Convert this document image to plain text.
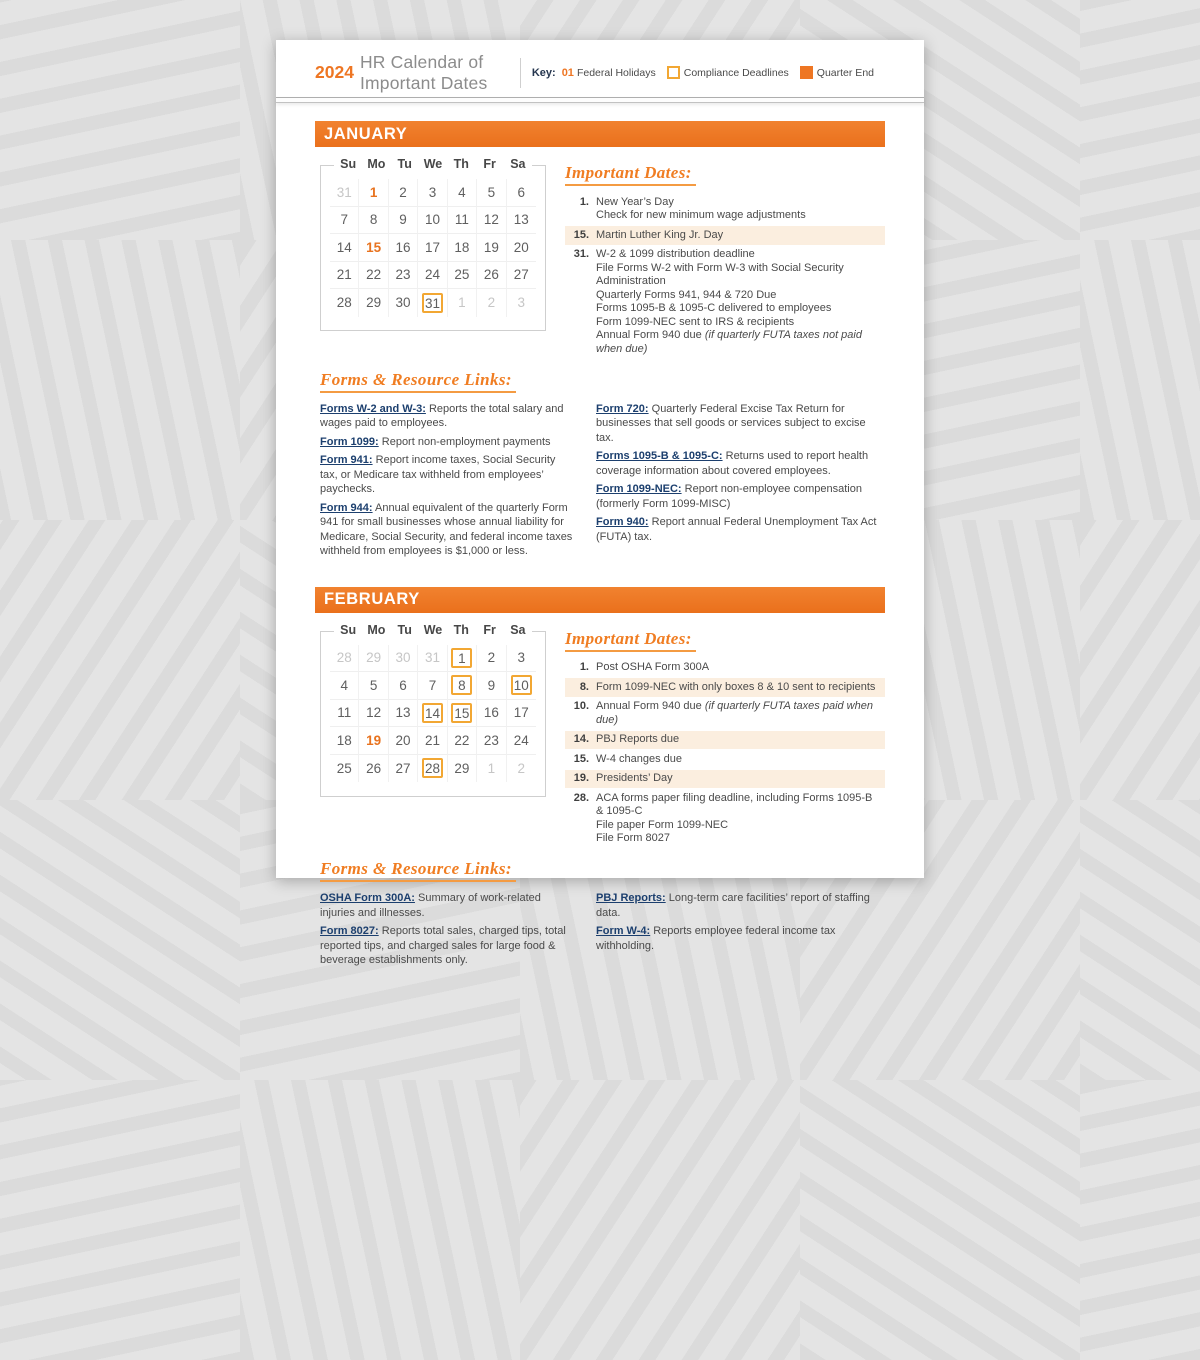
2024
HR Calendar of Important Dates	Key: 01 Federal Holidays	Compliance Deadlines	Quarter End
JANUARY
Su Mo Tu We Th	Fr	Sa
31	1	2	3	4	5	6
7	8	9	10	11	12	13
14	15	16	17	18	19	20
21	22	23	24	25	26	27
28	29	30	31	1	2	3
Important Dates:
1. New Year’s Day
Check for new minimum wage adjustments
15. Martin Luther King Jr. Day
31. W-2 & 1099 distribution deadline
File Forms W-2 with Form W-3 with Social Security Administration
Quarterly Forms 941, 944 & 720 Due
Forms 1095-B & 1095-C delivered to employees
Form 1099-NEC sent to IRS & recipients
Annual Form 940 due (if quarterly FUTA taxes not paid when due)
Forms & Resource Links:

Forms W-2 and W-3: Reports the total salary and wages paid to employees.

Form 1099: Report non-employment payments

Form 941: Report income taxes, Social Security tax, or Medicare tax withheld from employees’ paychecks.

Form 944: Annual equivalent of the quarterly Form 941 for small businesses whose annual liability for Medicare, Social Security, and federal income taxes withheld from employees is $1,000 or less.

Form 720: Quarterly Federal Excise Tax Return for businesses that sell goods or services subject to excise tax.

Forms 1095-B & 1095-C: Returns used to report health coverage information about covered employees.

Form 1099-NEC: Report non-employee compensation (formerly Form 1099-MISC)

Form 940: Report annual Federal Unemployment Tax Act (FUTA) tax.

FEBRUARY
Su Mo Tu We Th	Fr	Sa
28	29	30	31	1	2	3
4	5	6	7	8	9	10
11	12	13	14 15	16	17
18	19	20	21	22	23	24
25	26	27	28	29	1	2
Important Dates:
1. Post OSHA Form 300A
8. Form 1099-NEC with only boxes 8 & 10 sent to recipients
10. Annual Form 940 due (if quarterly FUTA taxes paid when due)
14. PBJ Reports due
15. W-4 changes due
19. Presidents’ Day
28. ACA forms paper filing deadline, including Forms 1095-B & 1095-C
File paper Form 1099-NEC
File Form 8027
Forms & Resource Links:

OSHA Form 300A: Summary of work-related injuries and illnesses.

Form 8027: Reports total sales, charged tips, total reported tips, and charged sales for large food & beverage establishments only.

PBJ Reports: Long-term care facilities’ report of staffing data.

Form W-4: Reports employee federal income tax withholding.
